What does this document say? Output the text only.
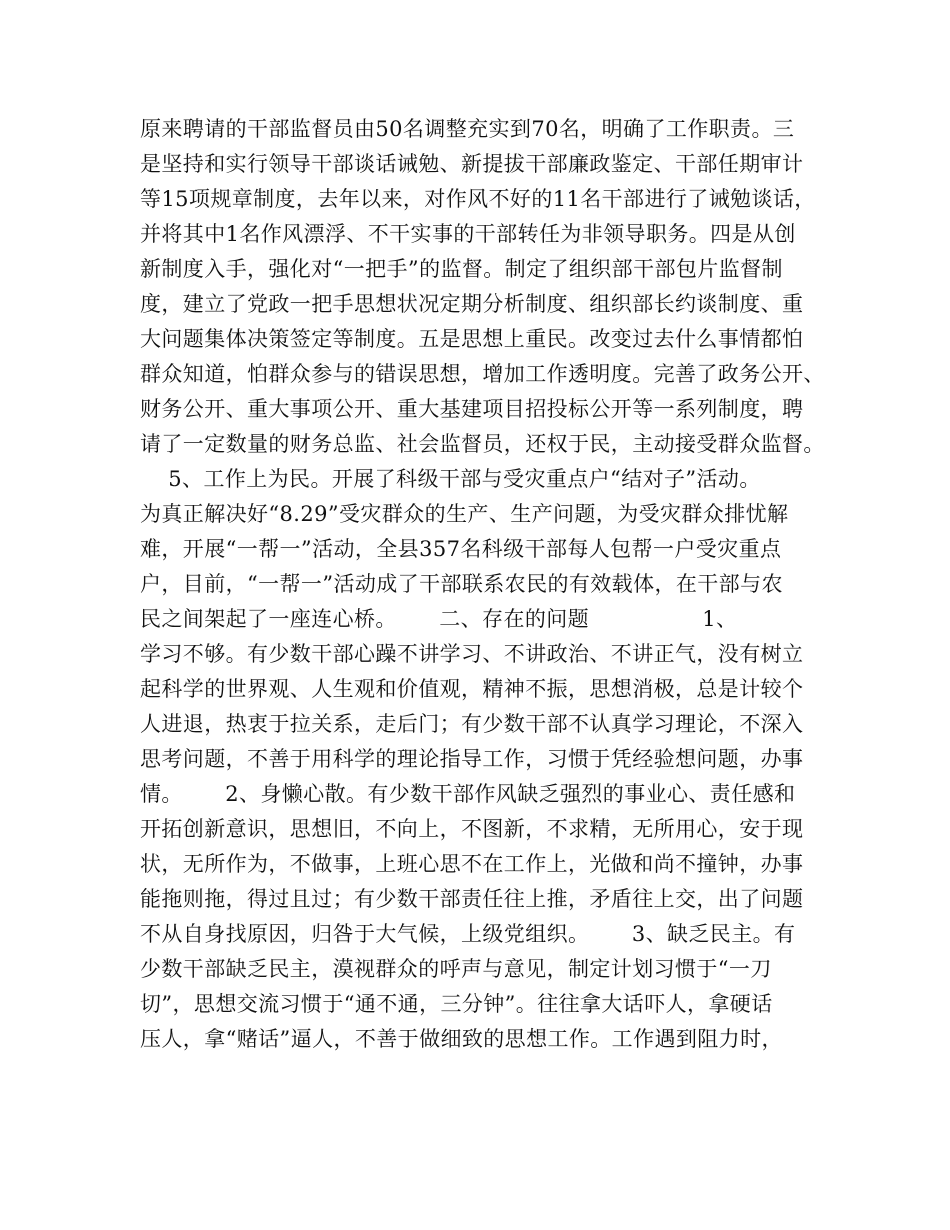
原来聘请的干部监督员由50名调整充实到70名，明确了工作职责。三
是坚持和实行领导干部谈话诫勉、新提拔干部廉政鉴定、干部任期审计
等15项规章制度，去年以来，对作风不好的11名干部进行了诫勉谈话，
并将其中1名作风漂浮、不干实事的干部转任为非领导职务。四是从创
新制度入手，强化对“一把手”的监督。制定了组织部干部包片监督制
度，建立了党政一把手思想状况定期分析制度、组织部长约谈制度、重
大问题集体决策签定等制度。五是思想上重民。改变过去什么事情都怕
群众知道，怕群众参与的错误思想，增加工作透明度。完善了政务公开、
财务公开、重大事项公开、重大基建项目招投标公开等一系列制度，聘
请了一定数量的财务总监、社会监督员，还权于民，主动接受群众监督。
5、工作上为民。开展了科级干部与受灾重点户“结对子”活动。
为真正解决好“8.29”受灾群众的生产、生产问题，为受灾群众排忧解
难，开展“一帮一”活动，全县357名科级干部每人包帮一户受灾重点
户，目前，“一帮一”活动成了干部联系农民的有效载体，在干部与农
民之间架起了一座连心桥。      二、存在的问题                1、
学习不够。有少数干部心躁不讲学习、不讲政治、不讲正气，没有树立
起科学的世界观、人生观和价值观，精神不振，思想消极，总是计较个
人进退，热衷于拉关系，走后门；有少数干部不认真学习理论，不深入
思考问题，不善于用科学的理论指导工作，习惯于凭经验想问题，办事
情。      2、身懒心散。有少数干部作风缺乏强烈的事业心、责任感和
开拓创新意识，思想旧，不向上，不图新，不求精，无所用心，安于现
状，无所作为，不做事，上班心思不在工作上，光做和尚不撞钟，办事
能拖则拖，得过且过；有少数干部责任往上推，矛盾往上交，出了问题
不从自身找原因，归咎于大气候，上级党组织。      3、缺乏民主。有
少数干部缺乏民主，漠视群众的呼声与意见，制定计划习惯于“一刀
切”，思想交流习惯于“通不通，三分钟”。往往拿大话吓人，拿硬话
压人，拿“赌话”逼人，不善于做细致的思想工作。工作遇到阻力时，
